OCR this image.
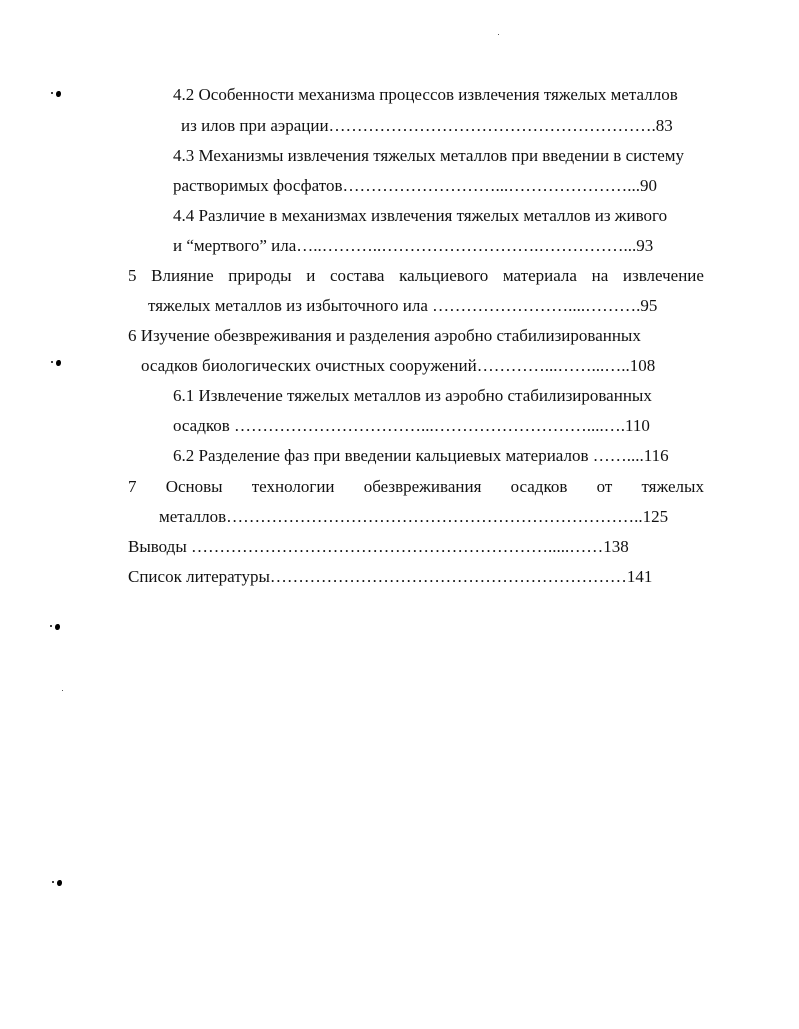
4.2 Особенности механизма процессов извлечения тяжелых металлов
из илов при аэрации………………………………………………….83
4.3 Механизмы извлечения тяжелых металлов при введении в систему
растворимых фосфатов………………………...…………………...90
4.4 Различие в механизмах извлечения тяжелых металлов из живого
и “мертвого” ила…..………..……………………….……………...93
5 Влияние природы и состава кальциевого материала на извлечение
тяжелых металлов из избыточного ила ……………………....……….95
6 Изучение обезвреживания и разделения аэробно стабилизированных
осадков биологических очистных сооружений…………...……...…..108
6.1 Извлечение тяжелых металлов из аэробно стабилизированных
осадков ……………………………...………………………....….110
6.2 Разделение фаз при введении кальциевых материалов ……....116
7 Основы технологии обезвреживания осадков от тяжелых
металлов………………………………………………………………..125
Выводы ……………………………………………………….....……138
Список литературы………………………………………………………141
